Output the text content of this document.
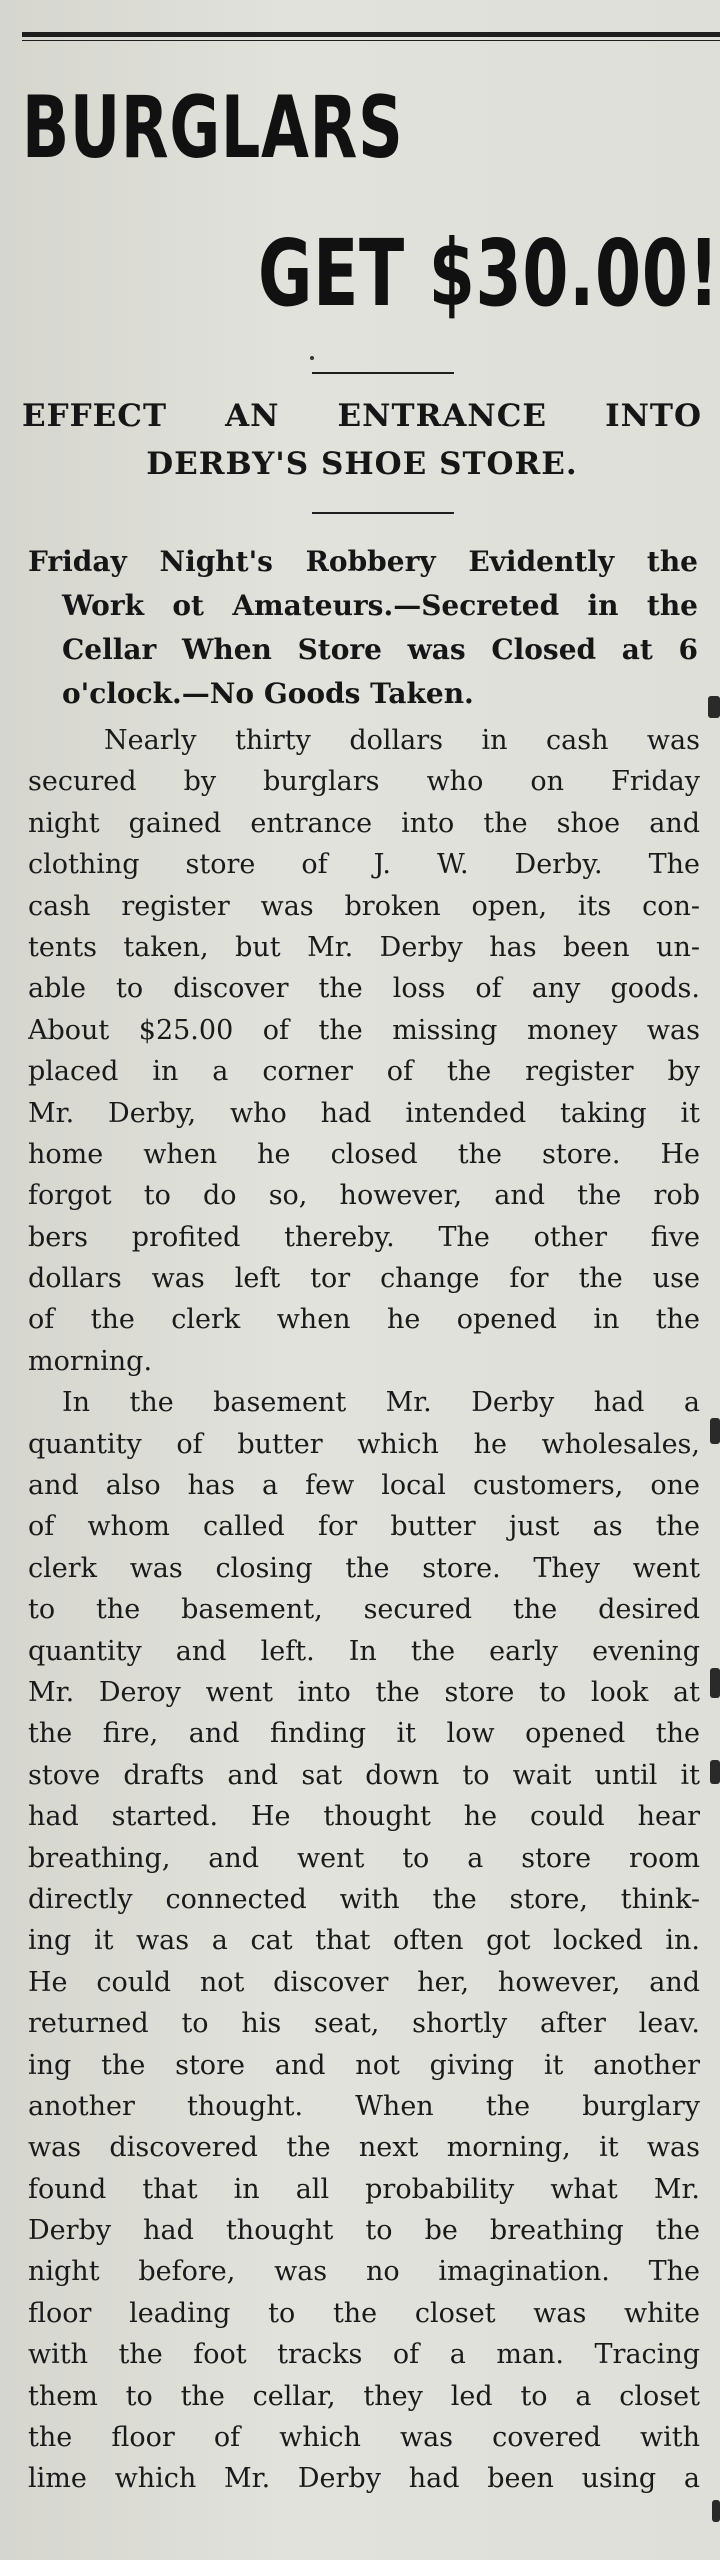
BURGLARS
GET $30.00!
EFFECT AN ENTRANCE INTO
DERBY'S SHOE STORE.
Friday Night's Robbery Evidently the
Work ot Amateurs.—Secreted in the
Cellar When Store was Closed at 6
o'clock.—No Goods Taken.
Nearly thirty dollars in cash was
secured by burglars who on Friday
night gained entrance into the shoe and
clothing store of J. W. Derby. The
cash register was broken open, its con-
tents taken, but Mr. Derby has been un-
able to discover the loss of any goods.
About $25.00 of the missing money was
placed in a corner of the register by
Mr. Derby, who had intended taking it
home when he closed the store. He
forgot to do so, however, and the rob
bers profited thereby. The other five
dollars was left tor change for the use
of the clerk when he opened in the
morning.
In the basement Mr. Derby had a
quantity of butter which he wholesales,
and also has a few local customers, one
of whom called for butter just as the
clerk was closing the store. They went
to the basement, secured the desired
quantity and left. In the early evening
Mr. Deroy went into the store to look at
the fire, and finding it low opened the
stove drafts and sat down to wait until it
had started. He thought he could hear
breathing, and went to a store room
directly connected with the store, think-
ing it was a cat that often got locked in.
He could not discover her, however, and
returned to his seat, shortly after leav.
ing the store and not giving it another
another thought. When the burglary
was discovered the next morning, it was
found that in all probability what Mr.
Derby had thought to be breathing the
night before, was no imagination. The
floor leading to the closet was white
with the foot tracks of a man. Tracing
them to the cellar, they led to a closet
the floor of which was covered with
lime which Mr. Derby had been using a
